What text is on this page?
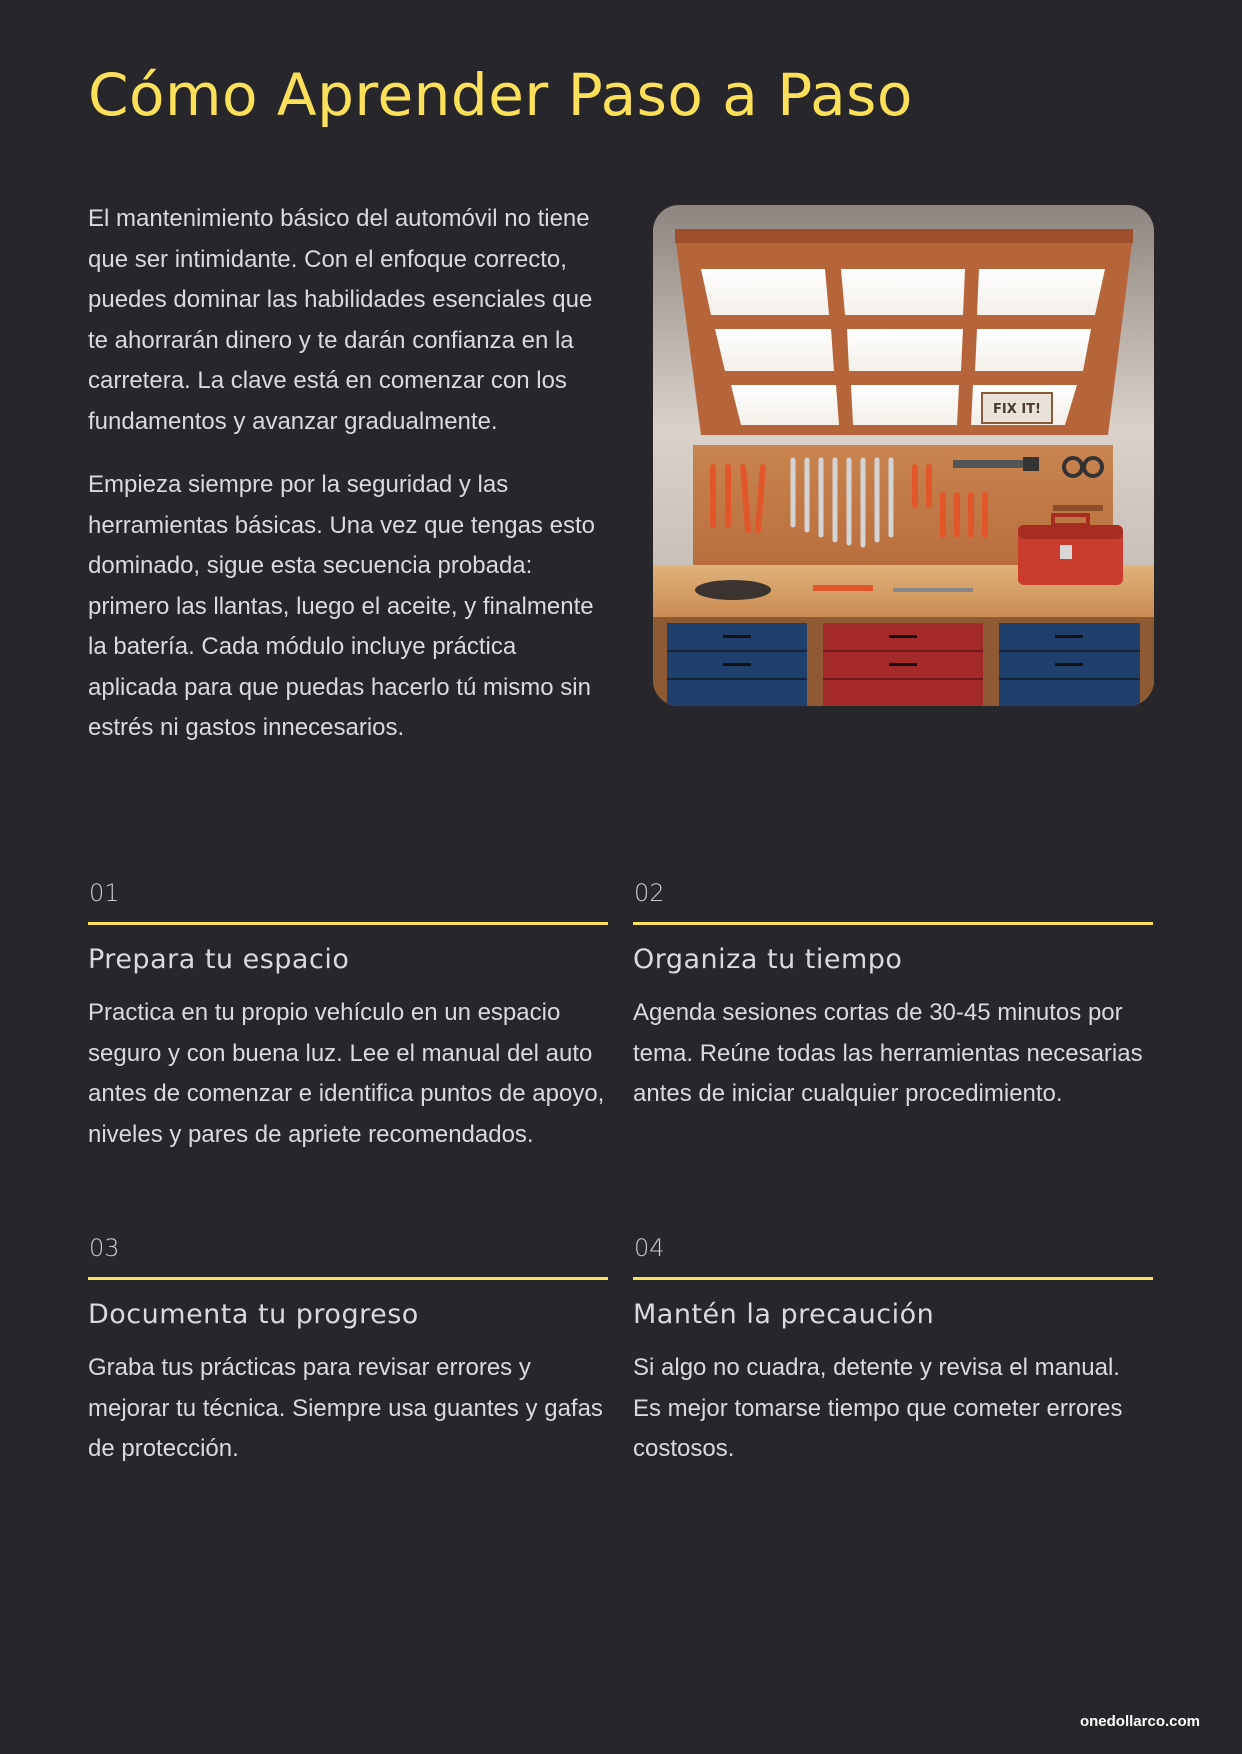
Cómo Aprender Paso a Paso

El mantenimiento básico del automóvil no tiene que ser intimidante. Con el enfoque correcto, puedes dominar las habilidades esenciales que te ahorrarán dinero y te darán confianza en la carretera. La clave está en comenzar con los fundamentos y avanzar gradualmente.

Empieza siempre por la seguridad y las herramientas básicas. Una vez que tengas esto dominado, sigue esta secuencia probada: primero las llantas, luego el aceite, y finalmente la batería. Cada módulo incluye práctica aplicada para que puedas hacerlo tú mismo sin estrés ni gastos innecesarios.

FIX IT!
01
Prepara tu espacio
Practica en tu propio vehículo en un espacio seguro y con buena luz. Lee el manual del auto antes de comenzar e identifica puntos de apoyo, niveles y pares de apriete recomendados.
02
Organiza tu tiempo
Agenda sesiones cortas de 30-45 minutos por tema. Reúne todas las herramientas necesarias antes de iniciar cualquier procedimiento.
03
Documenta tu progreso
Graba tus prácticas para revisar errores y mejorar tu técnica. Siempre usa guantes y gafas de protección.
04
Mantén la precaución
Si algo no cuadra, detente y revisa el manual. Es mejor tomarse tiempo que cometer errores costosos.
onedollarco.com
